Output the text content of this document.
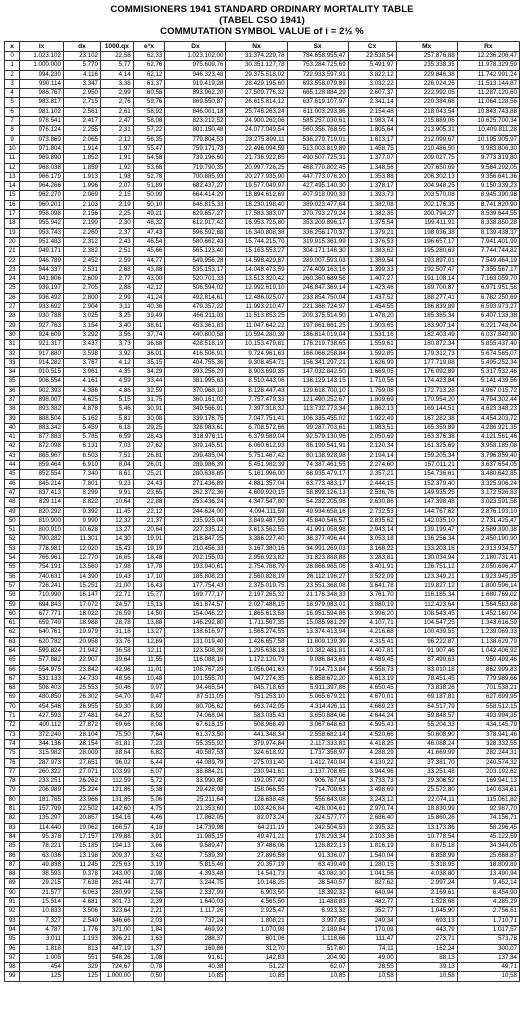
COMMISIONERS 1941 STANDARD ORDINARY MORTALITY TABLE
(TABEL CSO 1941)
COMMUTATION SYMBOL VALUE of i = 2½ %
x	lx	dx	1000.qx	e°x	Dx	Nx	Sx	Cx	Mx	Rx
0	1.023.102	23.102	22,58	62,33	1.023.102,00	31.374.229,78	784.658.955,47	22.538,54	257.876,88	12.236.206,47
1	1.000.000	5.770	5,77	62,76	975.609,76	30.351.127,78	753.284.725,69	5.491,97	235.338,35	11.978.329,59
2	994.230	4.116	4,14	62,12	946.323,48	29.375.518,02	722.933.597,91	3.822,12	229.846,38	11.742.991,24
3	990.114	3.347	3,38	61,37	919.419,28	28.429.195,60	693.558.079,89	3.032,22	226.024,26	11.513.144,87
4	986.767	2.950	2,99	60,58	893.962,20	27.509.776,32	665.128.884,29	2.607,37	222.992,05	11.287.120,60
5	983.817	2.715	2,76	59,76	869.550,87	26.615.814,12	637.619.107,97	2.341,14	220.384,68	11.064.128,56
6	981.102	2.561	2,61	58,92	846.001,18	25.746.263,24	611.003.293,86	2.154,48	218.043,54	10.843.743,88
7	978.541	2.417	2,47	58,08	823.212,52	24.900.262,06	585.257.030,61	1.983,74	215.889,06	10.625.700,34
8	976.124	2.255	2,31	57,22	801.150,48	24.077.049,54	560.356.768,55	1.805,64	213.905,31	10.409.811,28
9	973.869	2.065	2,12	56,35	779.804,53	23.275.899,11	536.279.719,01	1.613,17	212.099,67	10.195.905,97
10	971.804	1.914	1,97	55,47	759.171,73	22.496.094,59	513.003.819,89	1.458,75	210.486,50	9.983.806,30
11	969.890	1.852	1,91	54,58	739.196,60	21.736.922,85	490.507.725,31	1.377,07	209.027,75	9.773.319,80
12	968.038	1.859	1,92	53,68	719.790,35	20.997.726,25	468.770.802,45	1.348,56	207.650,69	9.564.292,05
13	966.179	1.913	1,98	52,78	700.885,93	20.277.935,90	447.773.076,20	1.353,88	206.302,13	9.356.641,36
14	964.266	1.996	2,07	51,89	682.437,27	19.577.049,97	427.495.140,30	1.378,17	204.948,25	9.150.339,23
15	962.270	2.069	2,15	50,99	664.414,29	18.894.612,69	407.918.090,33	1.393,73	203.570,08	8.945.390,98
16	960.201	2.103	2,19	50,10	646.815,33	18.230.198,40	389.023.477,64	1.382,08	202.176,35	8.741.820,90
17	958.098	2.156	2,25	49,21	629.657,27	17.583.383,07	370.793.279,24	1.382,35	200.794,27	8.539.644,55
18	955.942	2.199	2,30	48,32	612.917,42	16.953.725,80	353.209.896,17	1.375,54	199.411,91	8.338.850,28
19	953.743	2.260	2,37	47,43	596.592,68	16.340.808,38	336.256.170,37	1.379,21	198.036,38	8.139.438,37
20	951.483	2.312	2,43	46,54	580.662,43	15.744.215,70	319.915.361,99	1.376,53	196.657,17	7.941.401,99
21	949.171	2.382	2,51	45,66	565.123,40	15.163.553,27	304.171.146,30	1.383,62	195.280,63	7.744.744,82
22	946.789	2.452	2,59	44,77	549.956,28	14.598.429,87	289.007.593,03	1.389,54	193.897,01	7.549.464,19
23	944.337	2.531	2,68	43,88	535.153,17	14.048.473,59	274.409.163,16	1.399,33	192.507,47	7.355.567,17
24	941.806	2.609	2,77	43,00	520.701,33	13.513.320,42	260.360.689,56	1.407,27	191.108,14	7.163.059,70
25	939.197	2.705	2,88	42,12	506.594,02	12.992.619,10	246.847.369,14	1.423,46	189.700,87	6.971.951,56
26	936.492	2.800	2,99	41,24	492.814,61	12.486.025,07	233.854.750,04	1.437,52	188.277,41	6.782.250,69
27	933.692	2.904	3,11	40,36	479.357,22	11.993.210,47	221.368.724,97	1.454,55	186.839,89	6.593.973,27
28	930.788	3.025	3,25	39,49	466.211,03	11.513.853,25	209.375.514,50	1.478,20	185.385,34	6.407.133,38
29	927.763	3.154	3,40	38,61	453.361,83	11.047.642,22	197.861.661,25	1.503,65	183.907,14	6.221.748,04
30	924.609	3.292	3,56	37,74	440.800,58	10.594.280,39	186.814.019,04	1.531,16	182.403,49	6.037.840,90
31	921.317	3.437	3,73	36,88	428.518,19	10.153.479,81	176.219.738,65	1.559,61	180.872,34	5.855.437,40
32	917.880	3.598	3,92	36,01	416.506,91	9.724.961,63	166.066.258,84	1.592,85	179.312,73	5.674.565,07
33	914.282	3.767	4,12	35,15	404.755,36	9.308.454,71	156.341.297,21	1.626,99	177.719,88	5.495.252,34
34	910.515	3.961	4,35	34,29	393.256,29	8.903.699,35	147.032.842,50	1.669,05	176.092,89	5.317.532,46
35	906.554	4.161	4,59	33,44	381.995,63	8.510.443,06	138.129.143,15	1.710,56	174.423,84	5.141.439,56
36	902.393	4.386	4,86	32,59	370.968,10	8.128.447,43	129.618.700,10	1.759,08	172.713,28	4.967.015,72
37	898.007	4.625	5,15	31,75	360.161,02	7.757.479,33	121.490.252,67	1.809,69	170.954,20	4.794.302,44
38	893.382	4.878	5,46	30,91	349.566,91	7.397.318,32	113.732.773,34	1.862,13	169.144,51	4.623.348,23
39	888.504	5.162	5,81	30,08	339.178,75	7.047.751,41	106.335.455,02	1.922,49	167.282,38	4.454.203,72
40	883.342	5.459	6,18	29,25	328.983,61	6.708.572,66	99.287.703,61	1.983,51	165.359,89	4.286.921,35
41	877.883	5.785	6,59	28,43	318.976,11	6.379.589,04	92.579.130,96	2.050,69	163.376,38	4.121.561,46
42	872.098	6.131	7,03	27,62	309.145,51	6.060.612,93	86.199.541,91	2.120,34	161.325,69	3.958.185,08
43	865.967	6.503	7,51	26,81	299.485,04	5.751.467,42	80.138.928,98	2.194,14	159.205,34	3.796.859,40
44	859.464	6.910	8,04	26,01	289.986,39	5.451.982,39	74.387.461,55	2.274,60	157.011,21	3.637.654,05
45	852.554	7.340	8,61	25,21	280.638,85	5.161.996,00	68.935.479,17	2.357,21	154.736,61	3.480.642,85
46	845.214	7.801	9,23	24,43	271.436,89	4.881.357,04	63.773.483,17	2.444,15	152.379,40	3.325.906,24
47	837.413	8.299	9,91	23,65	262.372,36	4.609.920,15	58.892.126,13	2.536,76	149.935,25	3.172.526,83
48	829.114	8.822	10,64	22,88	253.436,24	4.347.547,80	54.282.205,98	2.630,86	147.398,48	3.023.591,58
49	820.292	9.392	11,45	22,12	244.624,00	4.094.111,59	49.934.658,16	2.732,53	144.767,62	2.876.193,10
50	810.900	9.990	12,32	21,37	235.925,04	3.849.487,59	45.840.546,57	2.835,62	142.035,10	2.731.425,47
51	800.910	10.628	13,27	20,64	227.335,12	3.613.562,55	41.991.058,98	2.943,14	139.199,47	2.589.390,38
52	790.282	11.301	14,30	19,91	218.847,25	3.386.227,40	38.377.496,44	3.053,18	136.256,34	2.450.190,90
53	778.981	12.020	15,43	19,19	210.456,33	3.167.380,16	34.991.269,03	3.168,22	133.203,16	2.313.934,57
54	766.961	12.770	16,65	18,48	202.155,03	2.956.923,82	31.823.888,88	3.283,81	130.034,94	2.180.731,41
55	754.191	13.560	17,98	17,78	193.940,61	2.754.768,79	28.866.965,06	3.401,91	126.751,12	2.050.696,47
56	740.631	14.390	19,43	17,10	185.808,23	2.560.828,19	26.112.196,27	3.522,09	123.349,21	1.923.945,35
57	726.241	15.251	21,00	16,43	177.754,43	2.375.019,75	23.551.368,08	3.641,78	119.827,12	1.800.596,14
58	710.990	16.147	22,71	15,77	169.777,17	2.197.265,32	21.176.348,33	3.761,70	116.185,34	1.680.769,02
59	694.843	17.072	24,57	15,13	161.874,57	2.027.488,15	18.979.083,01	3.880,19	112.423,64	1.564.583,68
60	677.771	18.022	26,59	14,50	154.046,22	1.865.613,58	16.951.594,86	3.996,20	108.543,45	1.452.160,04
61	659.749	18.988	28,78	13,88	146.292,80	1.711.567,35	15.085.981,29	4.107,71	104.547,25	1.343.616,59
62	640.761	19.979	31,18	13,27	138.616,97	1.565.274,55	13.374.413,94	4.216,68	100.439,55	1.239.069,33
63	620.782	20.958	33,76	12,69	131.019,40	1.426.657,58	11.809.139,39	4.315,41	96.222,87	1.138.629,79
64	599.824	21.942	36,58	12,11	123.508,39	1.295.638,18	10.382.481,81	4.407,81	91.907,46	1.042.406,92
65	577.882	22.907	39,64	11,55	116.088,16	1.172.129,79	9.086.843,63	4.489,45	87.499,63	950.499,46
66	554.975	23.842	42,96	11,01	108.767,29	1.056.041,63	7.914.713,84	4.558,73	83.010,18	862.999,83
67	531.133	24.730	46,56	10,48	101.555,70	947.274,35	6.858.672,20	4.613,19	78.451,45	779.989,66
68	506.403	25.553	50,46	9,97	94.465,54	845.718,65	5.911.397,86	4.650,45	73.838,26	701.538,21
69	480.850	26.302	54,70	9,47	87.511,05	751.253,10	5.065.679,21	4.670,01	69.187,81	627.699,95
70	454.548	26.955	59,30	8,99	80.706,62	663.742,05	4.314.426,11	4.669,23	64.517,79	558.512,15
71	427.593	27.481	64,27	8,52	74.068,94	583.035,43	3.650.684,06	4.644,24	59.848,57	493.994,35
72	400.112	27.872	69,66	8,08	67.618,15	508.966,49	3.067.648,63	4.595,43	55.204,33	434.145,79
73	372.240	28.104	75,50	7,64	61.373,50	441.348,34	2.558.682,14	4.520,66	50.608,90	378.941,46
74	344.136	28.154	81,81	7,23	55.355,92	379.974,84	2.117.333,81	4.418,25	46.088,24	328.332,55
75	315.982	28.009	88,64	6,82	49.587,53	324.618,92	1.737.358,97	4.288,29	41.669,99	282.244,31
76	287.973	27.651	96,02	6,44	44.089,79	275.031,40	1.412.740,04	4.130,22	37.381,70	240.574,32
77	260.322	27.071	103,99	6,07	38.884,21	230.941,61	1.137.708,65	3.944,96	33.251,48	203.192,62
78	233.251	26.262	112,59	5,72	33.990,85	192.057,40	906.767,04	3.733,73	29.306,52	169.941,13
79	206.989	25.224	121,86	5,38	29.428,08	158.066,55	714.709,63	3.498,69	25.572,80	140.634,61
80	181.765	23.966	131,85	5,06	25.211,64	128.638,48	556.643,08	3.243,12	22.074,11	115.061,82
81	157.799	22.502	142,60	4,75	21.353,60	103.426,84	428.004,61	2.970,74	18.830,99	92.987,70
82	135.297	20.857	154,16	4,46	17.862,05	82.073,24	324.577,77	2.686,40	15.860,26	74.156,71
83	114.440	19.062	166,57	4,18	14.739,98	64.211,19	242.504,53	2.395,32	13.173,86	58.296,45
84	95.378	17.157	179,88	3,91	11.985,15	49.471,21	178.293,34	2.103,36	10.778,54	45.122,59
85	78.221	15.185	194,13	3,66	9.589,47	37.486,06	128.822,13	1.816,19	8.675,18	34.344,05
86	63.036	13.198	209,37	3,42	7.539,39	27.896,58	91.336,07	1.540,04	6.858,99	25.668,87
87	49.838	11.245	225,63	3,19	5.815,46	20.357,19	63.439,49	1.280,15	5.318,95	18.809,89
88	38.593	9.378	243,00	2,98	4.393,48	14.541,73	43.082,30	1.041,56	4.038,80	13.490,94
89	29.215	7.638	261,44	2,77	3.244,75	10.148,25	28.540,57	827,62	2.997,24	9.452,14
90	21.577	6.063	280,99	2,58	2.337,99	6.903,50	18.392,32	640,94	2.169,61	6.454,90
91	15.514	4.681	301,73	2,39	1.640,03	4.565,50	11.488,83	482,77	1.528,68	4.285,29
92	10.833	3.506	323,64	2,21	1.117,26	2.925,47	6.923,32	352,77	1.045,90	2.756,61
93	7.327	2.540	346,66	2,03	737,24	1.808,21	3.997,85	249,34	693,13	1.710,71
94	4.787	1.776	371,00	1,84	469,92	1.070,98	2.189,64	170,09	443,79	1.017,57
95	3.011	1.193	396,21	1,63	288,37	601,06	1.118,66	111,47	273,71	573,78
96	1.818	813	447,19	1,37	169,86	312,70	517,60	74,11	162,24	300,07
97	1.005	551	548,26	1,08	91,61	142,83	204,90	49,00	88,13	137,84
98	454	329	724,67	0,78	40,38	51,22	62,07	28,55	39,13	49,71
99	125	125	1.000,00	0,50	10,85	10,85	10,85	10,58	10,58	10,58
